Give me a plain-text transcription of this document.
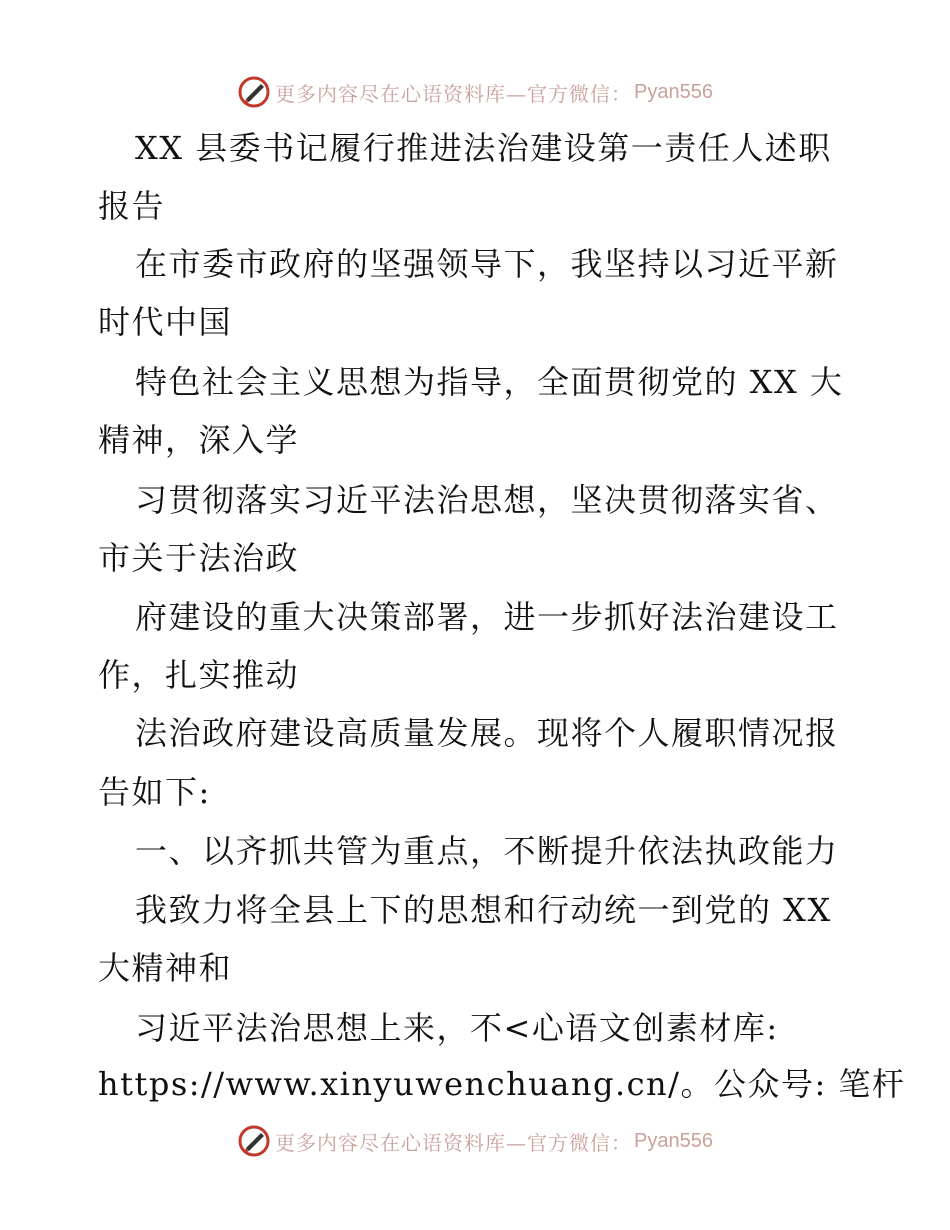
更多内容尽在心语资料库—官方微信： Pyan556
XX 县委书记履行推进法治建设第一责任人述职
报告
在市委市政府的坚强领导下，我坚持以习近平新
时代中国
特色社会主义思想为指导，全面贯彻党的 XX 大
精神，深入学
习贯彻落实习近平法治思想，坚决贯彻落实省、
市关于法治政
府建设的重大决策部署，进一步抓好法治建设工
作，扎实推动
法治政府建设高质量发展。现将个人履职情况报
告如下:
一、以齐抓共管为重点，不断提升依法执政能力
我致力将全县上下的思想和行动统一到党的 XX
大精神和
习近平法治思想上来，不<心语文创素材库:
https://www.xinyuwenchuang.cn/。公众号: 笔杆
更多内容尽在心语资料库—官方微信： Pyan556
